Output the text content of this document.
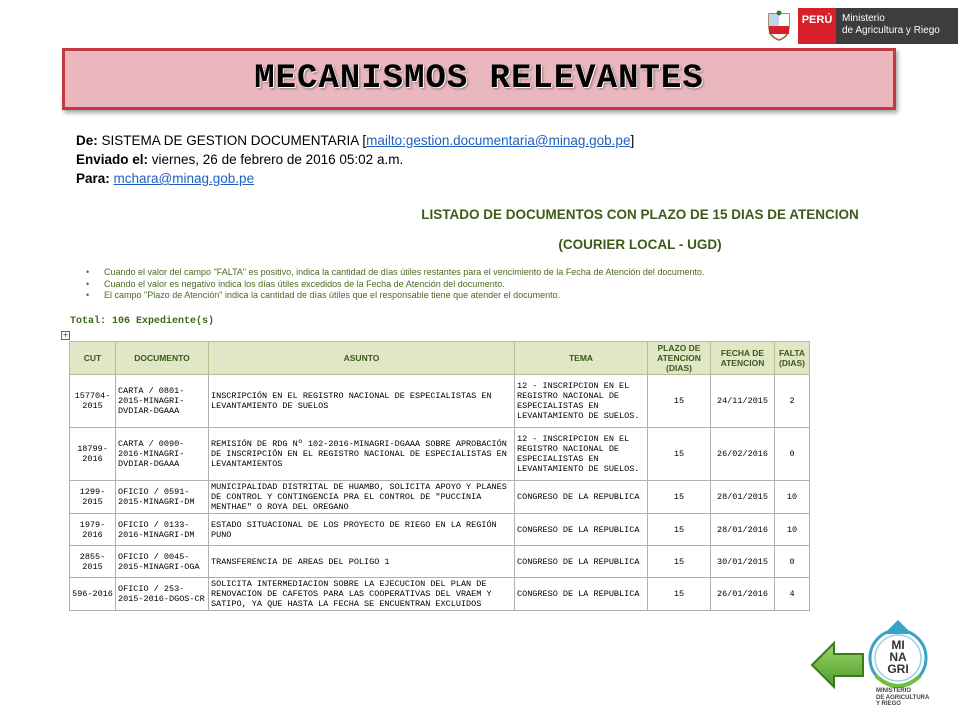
PERÚ Ministerio
de Agricultura y Riego
MECANISMOS RELEVANTES
De: SISTEMA DE GESTION DOCUMENTARIA [mailto:gestion.documentaria@minag.gob.pe]
Enviado el: viernes, 26 de febrero de 2016 05:02 a.m.
Para: mchara@minag.gob.pe
LISTADO DE DOCUMENTOS CON PLAZO DE 15 DIAS DE ATENCION
(COURIER LOCAL - UGD)
• Cuando el valor del campo "FALTA" es positivo, indica la cantidad de días útiles restantes para el vencimiento de la Fecha de Atención del documento.
• Cuando el valor es negativo indica los días útiles excedidos de la Fecha de Atención del documento.
• El campo "Plazo de Atención" indica la cantidad de días útiles que el responsable tiene que atender el documento.
Total: 106 Expediente(s)
+
CUT	DOCUMENTO	ASUNTO	TEMA	PLAZO DE ATENCION (DIAS)	FECHA DE ATENCION	FALTA (DIAS)
157704-2015	CARTA / 0801-2015-MINAGRI-DVDIAR-DGAAA	INSCRIPCIÓN EN EL REGISTRO NACIONAL DE ESPECIALISTAS EN LEVANTAMIENTO DE SUELOS	12 - INSCRIPCION EN EL REGISTRO NACIONAL DE ESPECIALISTAS EN LEVANTAMIENTO DE SUELOS.	15	24/11/2015	2
18799-2016	CARTA / 0090-2016-MINAGRI-DVDIAR-DGAAA	REMISIÓN DE RDG Nº 102-2016-MINAGRI-DGAAA SOBRE APROBACIÓN DE INSCRIPCIÓN EN EL REGISTRO NACIONAL DE ESPECIALISTAS EN LEVANTAMIENTOS	12 - INSCRIPCION EN EL REGISTRO NACIONAL DE ESPECIALISTAS EN LEVANTAMIENTO DE SUELOS.	15	26/02/2016	0
1299-2015	OFICIO / 0591-2015-MINAGRI-DM	MUNICIPALIDAD DISTRITAL DE HUAMBO, SOLICITA APOYO Y PLANES DE CONTROL Y CONTINGENCIA PRA EL CONTROL DE "PUCCINIA MENTHAE" O ROYA DEL OREGANO	CONGRESO DE LA REPUBLICA	15	28/01/2015	10
1979-2016	OFICIO / 0133-2016-MINAGRI-DM	ESTADO SITUACIONAL DE LOS PROYECTO DE RIEGO EN LA REGIÓN PUNO	CONGRESO DE LA REPUBLICA	15	28/01/2016	10
2855-2015	OFICIO / 0045-2015-MINAGRI-OGA	TRANSFERENCIA DE AREAS DEL POLIGO 1	CONGRESO DE LA REPUBLICA	15	30/01/2015	0
596-2016	OFICIO / 253-2015-2016-DGOS-CR	SOLICITA INTERMEDIACION SOBRE LA EJECUCION DEL PLAN DE RENOVACION DE CAFETOS PARA LAS COOPERATIVAS DEL VRAEM Y SATIPO, YA QUE HASTA LA FECHA SE ENCUENTRAN EXCLUIDOS	CONGRESO DE LA REPUBLICA	15	26/01/2016	4
MI
NA
GRI
MINISTERIO
DE AGRICULTURA
Y RIEGO
